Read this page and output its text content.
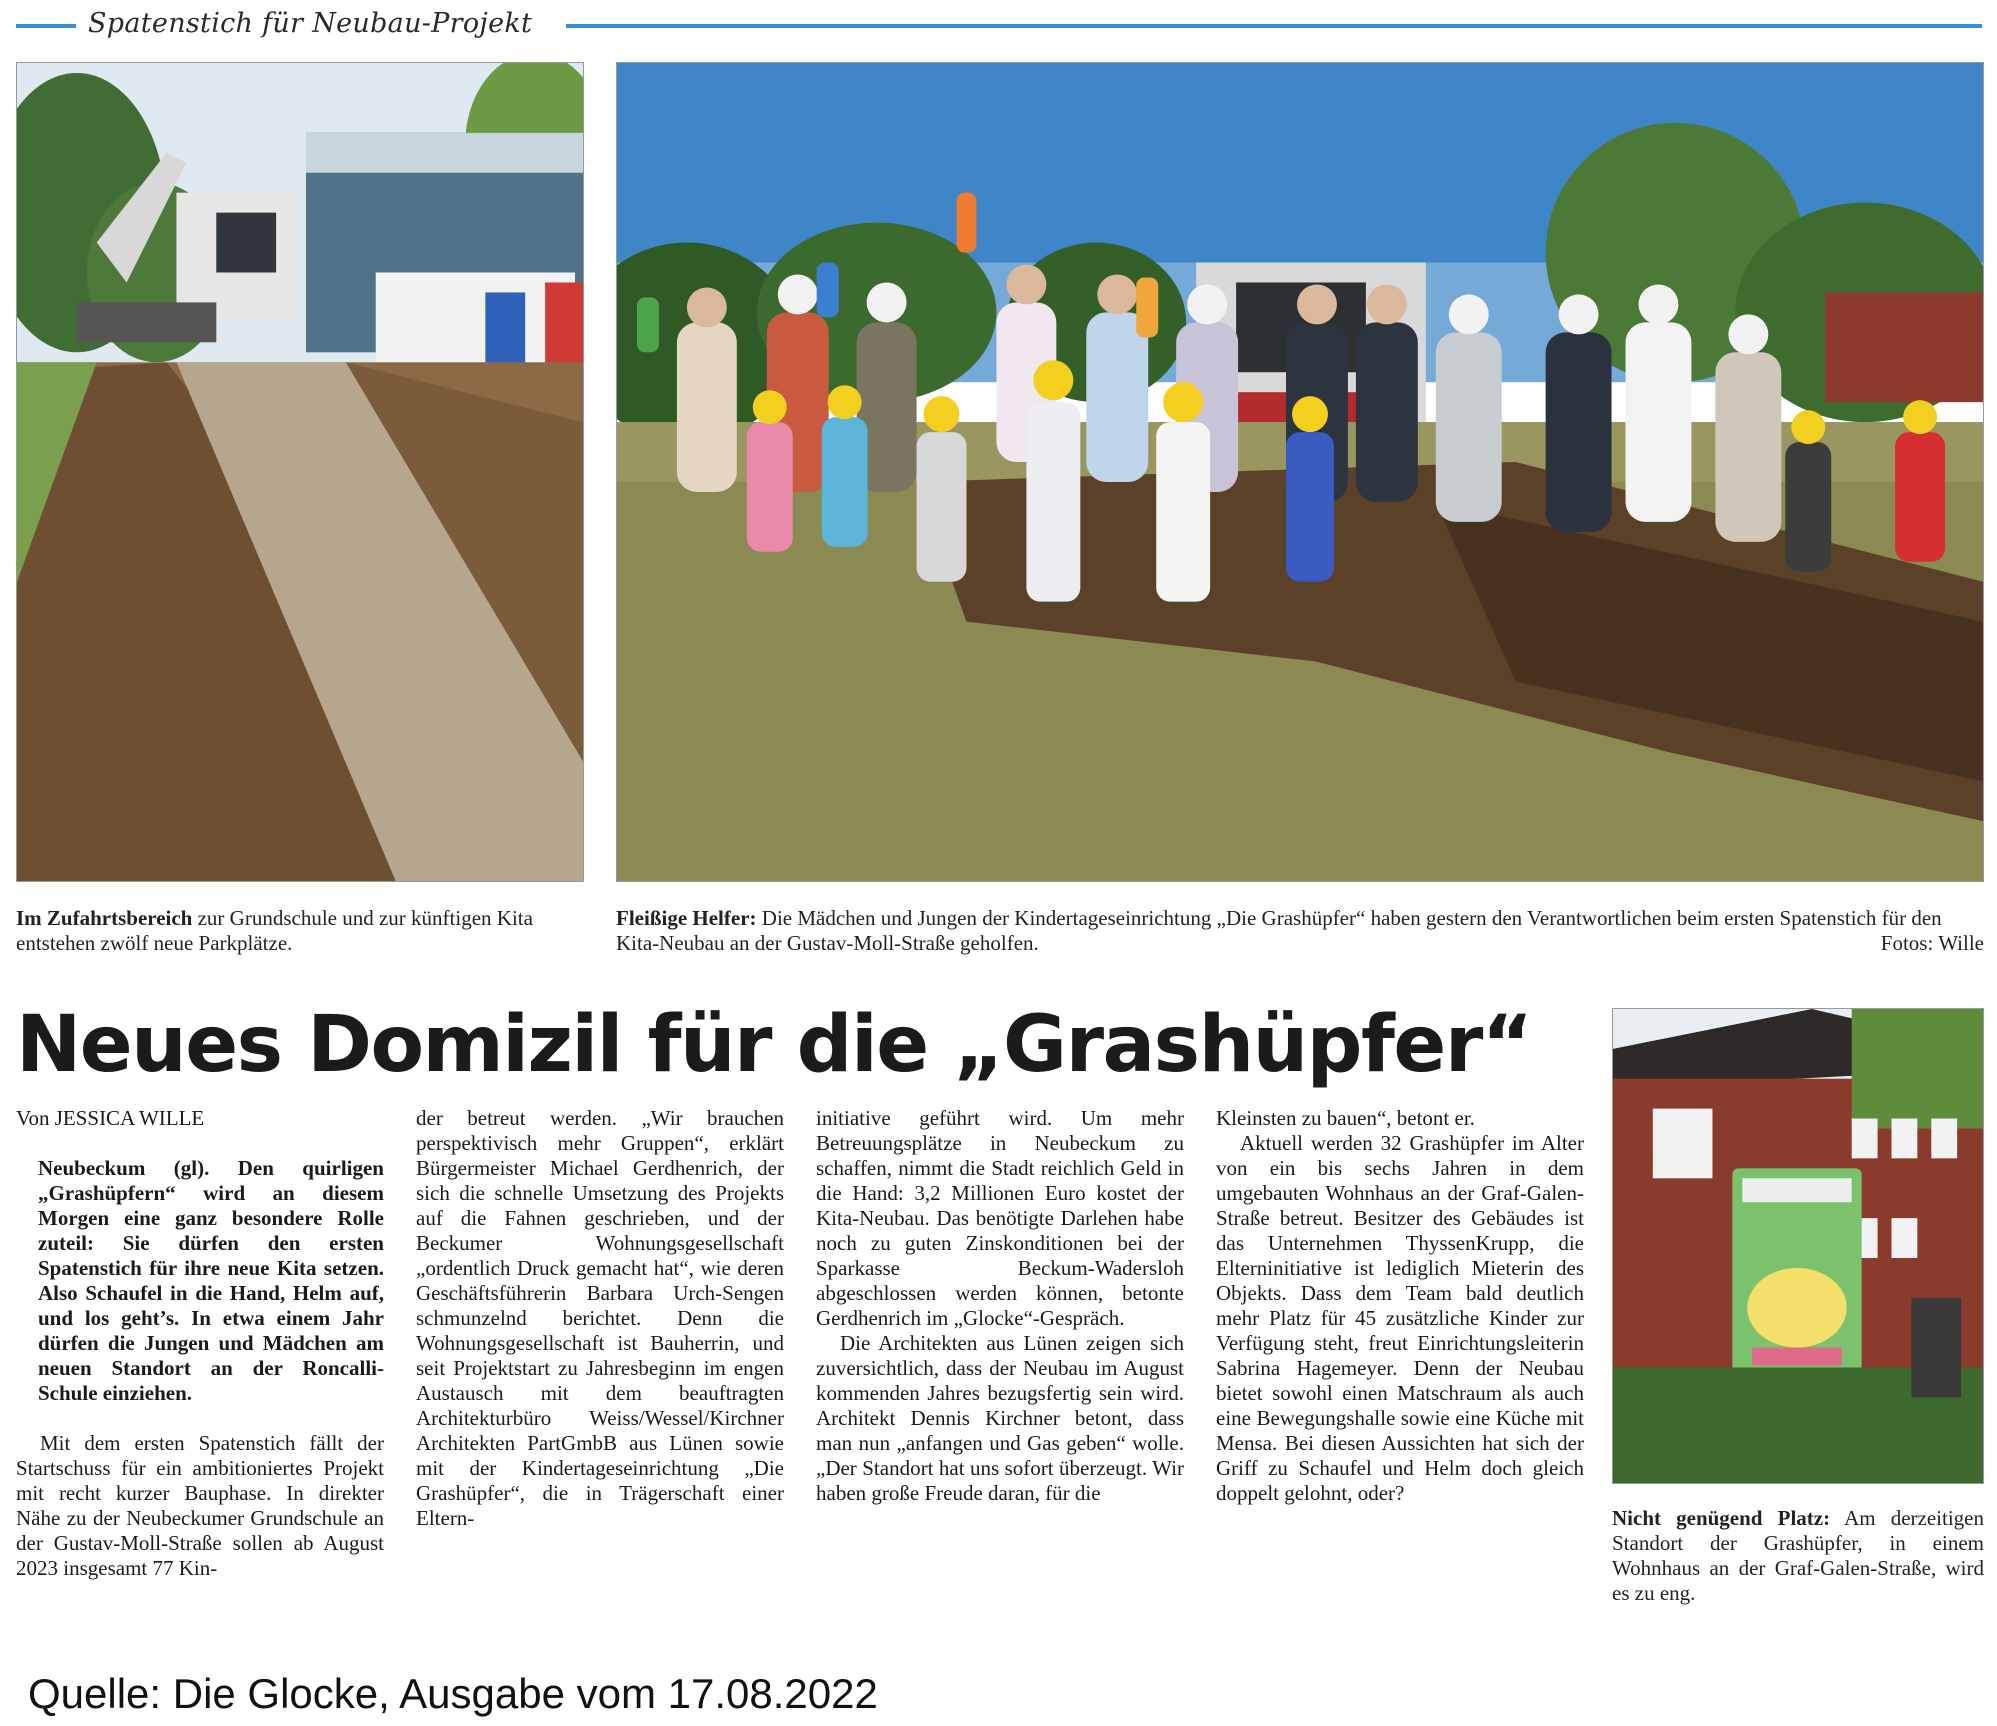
Spatenstich für Neubau-Projekt
Im Zufahrtsbereich zur Grundschule und zur künftigen Kita entstehen zwölf neue Parkplätze.
Fleißige Helfer: Die Mädchen und Jungen der Kindertageseinrichtung „Die Grashüpfer“ haben gestern den Verantwortlichen beim ersten Spatenstich für den Kita-Neubau an der Gustav-Moll-Straße geholfen.	Fotos: Wille
Neues Domizil für die „Grashüpfer“
Nicht genügend Platz: Am derzeitigen Standort der Grashüpfer, in einem Wohnhaus an der Graf-Galen-Straße, wird es zu eng.
Von JESSICA WILLE

Neubeckum (gl). Den quirligen „Grashüpfern“ wird an diesem Morgen eine ganz besondere Rolle zuteil: Sie dürfen den ersten Spatenstich für ihre neue Kita setzen. Also Schaufel in die Hand, Helm auf, und los geht’s. In etwa einem Jahr dürfen die Jungen und Mädchen am neuen Standort an der Roncalli-Schule einziehen.

Mit dem ersten Spatenstich fällt der Startschuss für ein ambitioniertes Projekt mit recht kurzer Bauphase. In direkter Nähe zu der Neubeckumer Grundschule an der Gustav-Moll-Straße sollen ab August 2023 insgesamt 77 Kin-

der betreut werden. „Wir brauchen perspektivisch mehr Gruppen“, erklärt Bürgermeister Michael Gerdhenrich, der sich die schnelle Umsetzung des Projekts auf die Fahnen geschrieben, und der Beckumer Wohnungsgesellschaft „ordentlich Druck gemacht hat“, wie deren Geschäftsführerin Barbara Urch-Sengen schmunzelnd berichtet. Denn die Wohnungsgesellschaft ist Bauherrin, und seit Projektstart zu Jahresbeginn im engen Austausch mit dem beauftragten Architekturbüro Weiss/Wessel/Kirchner Architekten PartGmbB aus Lünen sowie mit der Kindertageseinrichtung „Die Grashüpfer“, die in Trägerschaft einer Eltern-

initiative geführt wird. Um mehr Betreuungsplätze in Neubeckum zu schaffen, nimmt die Stadt reichlich Geld in die Hand: 3,2 Millionen Euro kostet der Kita-Neubau. Das benötigte Darlehen habe noch zu guten Zinskonditionen bei der Sparkasse Beckum-Wadersloh abgeschlossen werden können, betonte Gerdhenrich im „Glocke“-Gespräch.

Die Architekten aus Lünen zeigen sich zuversichtlich, dass der Neubau im August kommenden Jahres bezugsfertig sein wird. Architekt Dennis Kirchner betont, dass man nun „anfangen und Gas geben“ wolle. „Der Standort hat uns sofort überzeugt. Wir haben große Freude daran, für die

Kleinsten zu bauen“, betont er.

Aktuell werden 32 Grashüpfer im Alter von ein bis sechs Jahren in dem umgebauten Wohnhaus an der Graf-Galen-Straße betreut. Besitzer des Gebäudes ist das Unternehmen ThyssenKrupp, die Elterninitiative ist lediglich Mieterin des Objekts. Dass dem Team bald deutlich mehr Platz für 45 zusätzliche Kinder zur Verfügung steht, freut Einrichtungsleiterin Sabrina Hagemeyer. Denn der Neubau bietet sowohl einen Matschraum als auch eine Bewegungshalle sowie eine Küche mit Mensa. Bei diesen Aussichten hat sich der Griff zu Schaufel und Helm doch gleich doppelt gelohnt, oder?

Quelle: Die Glocke, Ausgabe vom 17.08.2022
